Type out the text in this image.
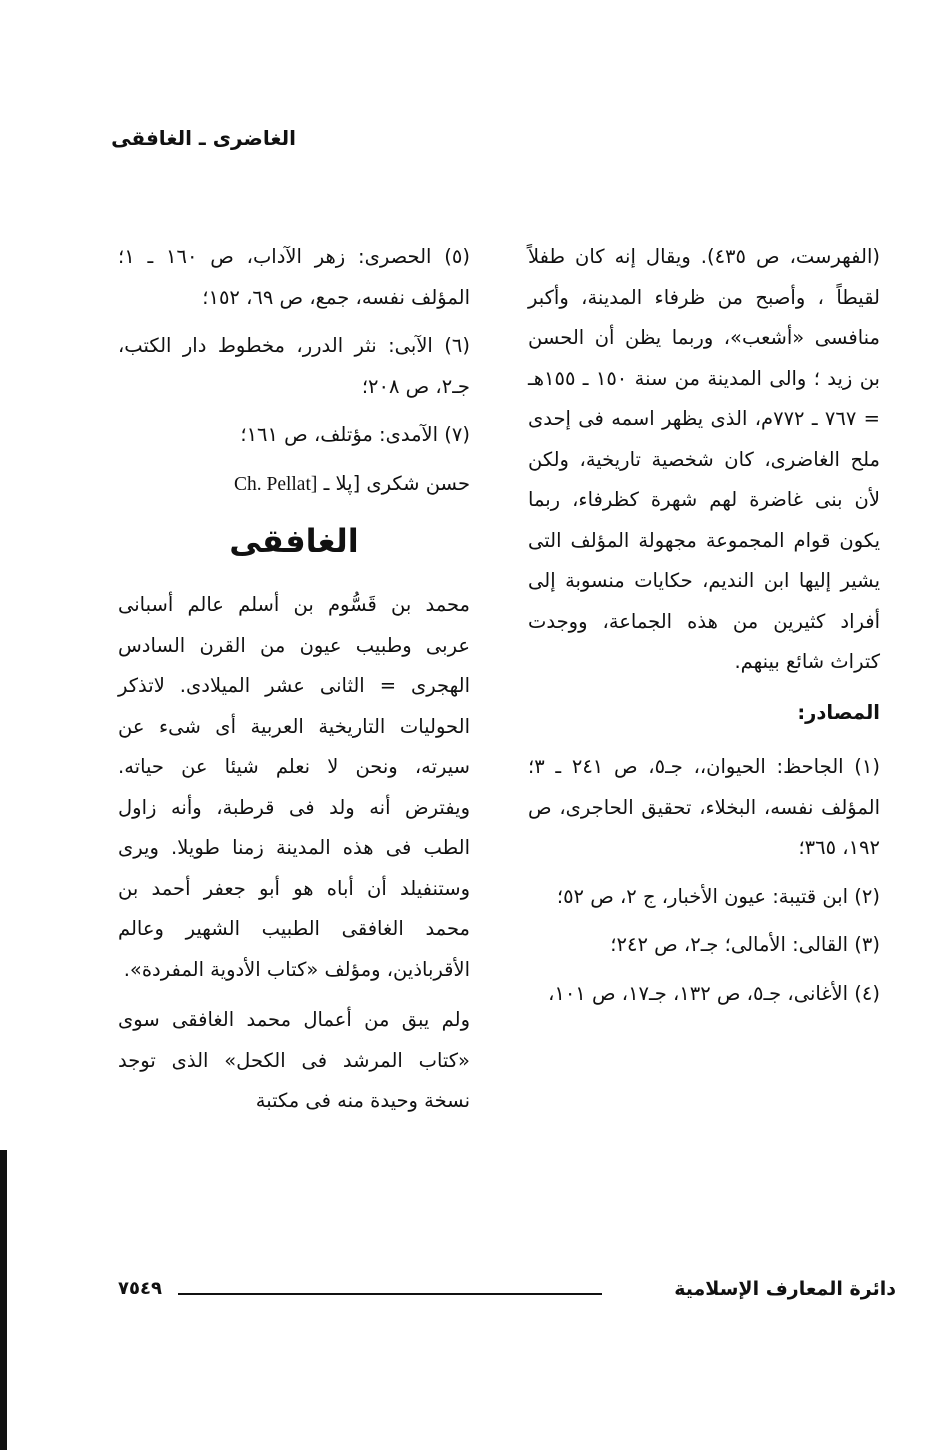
الغاضرى ـ الغافقى

(الفهرست، ص ٤٣٥). ويقال إنه كان طفلاً لقيطاً ، وأصبح من ظرفاء المدينة، وأكبر منافسى «أشعب»، وربما يظن أن الحسن بن زيد ؛ والى المدينة من سنة ١٥٠ ـ ١٥٥هـ = ٧٦٧ ـ ٧٧٢م، الذى يظهر اسمه فى إحدى ملح الغاضرى، كان شخصية تاريخية، ولكن لأن بنى غاضرة لهم شهرة كظرفاء، ربما يكون قوام المجموعة مجهولة المؤلف التى يشير إليها ابن النديم، حكايات منسوبة إلى أفراد كثيرين من هذه الجماعة، ووجدت كتراث شائع بينهم.

المصادر:

(١) الجاحظ: الحيوان،، جـ٥، ص ٢٤١ ـ ٣؛ المؤلف نفسه، البخلاء، تحقيق الحاجرى، ص ١٩٢، ٣٦٥؛

(٢) ابن قتيبة: عيون الأخبار، ج ٢، ص ٥٢؛

(٣) القالى: الأمالى؛ جـ٢، ص ٢٤٢؛

(٤) الأغانى، جـ٥، ص ١٣٢، جـ١٧، ص ١٠١،

(٥) الحصرى: زهر الآداب، ص ١٦٠ ـ ١؛ المؤلف نفسه، جمع، ص ٦٩، ١٥٢؛

(٦) الآبى: نثر الدرر، مخطوط دار الكتب، جـ٢، ص ٢٠٨؛

(٧) الآمدى: مؤتلف، ص ١٦١؛

حسن شكرى [پلا ـ Ch. Pellat]

الغافقى

محمد بن قَسُّوم بن أسلم عالم أسبانى عربى وطبيب عيون من القرن السادس الهجرى = الثانى عشر الميلادى. لاتذكر الحوليات التاريخية العربية أى شىء عن سيرته، ونحن لا نعلم شيئا عن حياته. ويفترض أنه ولد فى قرطبة، وأنه زاول الطب فى هذه المدينة زمنا طويلا. ويرى وستنفيلد أن أباه هو أبو جعفر أحمد بن محمد الغافقى الطبيب الشهير وعالم الأقرباذين، ومؤلف «كتاب الأدوية المفردة».

ولم يبق من أعمال محمد الغافقى سوى «كتاب المرشد فى الكحل» الذى توجد نسخة وحيدة منه فى مكتبة

دائرة المعارف الإسلامية
٧٥٤٩
